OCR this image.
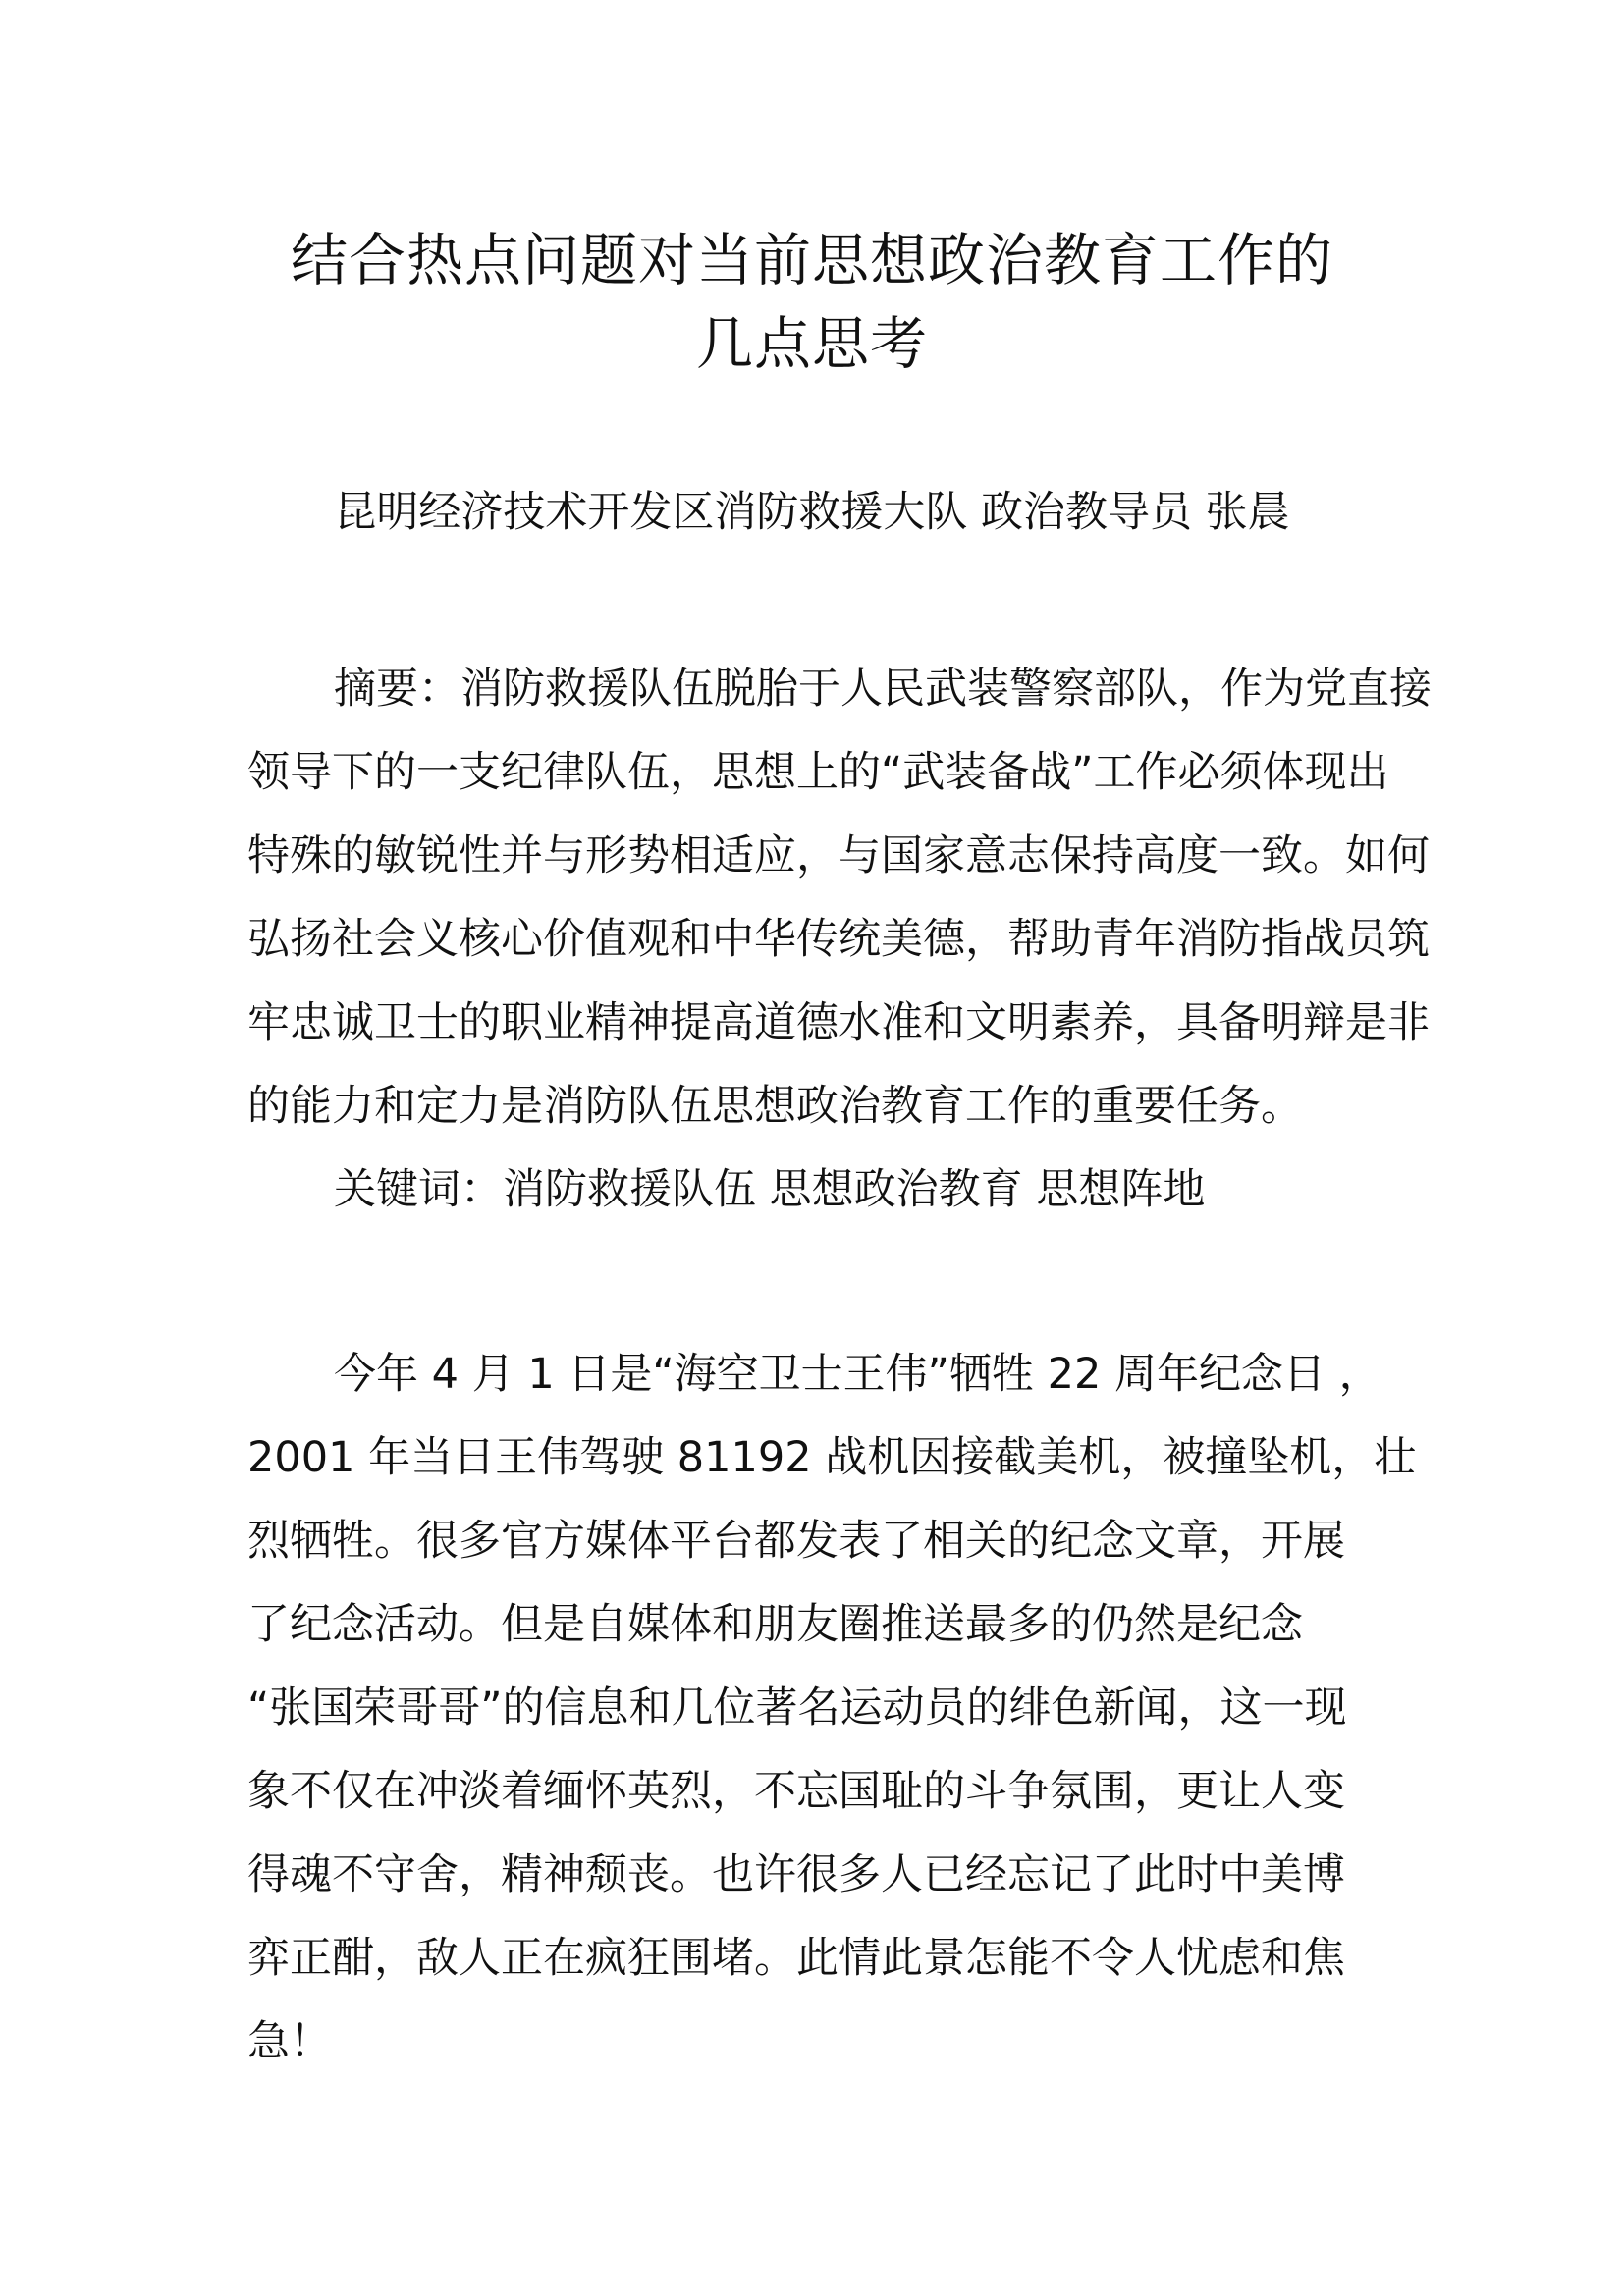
结合热点问题对当前思想政治教育工作的
几点思考

昆明经济技术开发区消防救援大队 政治教导员 张晨

摘要：消防救援队伍脱胎于人民武装警察部队，作为党直接

领导下的一支纪律队伍，思想上的“武装备战”工作必须体现出

特殊的敏锐性并与形势相适应，与国家意志保持高度一致。如何

弘扬社会义核心价值观和中华传统美德，帮助青年消防指战员筑

牢忠诚卫士的职业精神提高道德水准和文明素养，具备明辩是非

的能力和定力是消防队伍思想政治教育工作的重要任务。

关键词：消防救援队伍 思想政治教育 思想阵地

今年 4 月 1 日是“海空卫士王伟”牺牲 22 周年纪念日 ，

2001 年当日王伟驾驶 81192 战机因接截美机，被撞坠机，壮

烈牺牲。很多官方媒体平台都发表了相关的纪念文章，开展

了纪念活动。但是自媒体和朋友圈推送最多的仍然是纪念

“张国荣哥哥”的信息和几位著名运动员的绯色新闻，这一现

象不仅在冲淡着缅怀英烈，不忘国耻的斗争氛围，更让人变

得魂不守舍，精神颓丧。也许很多人已经忘记了此时中美博

弈正酣，敌人正在疯狂围堵。此情此景怎能不令人忧虑和焦

急！
